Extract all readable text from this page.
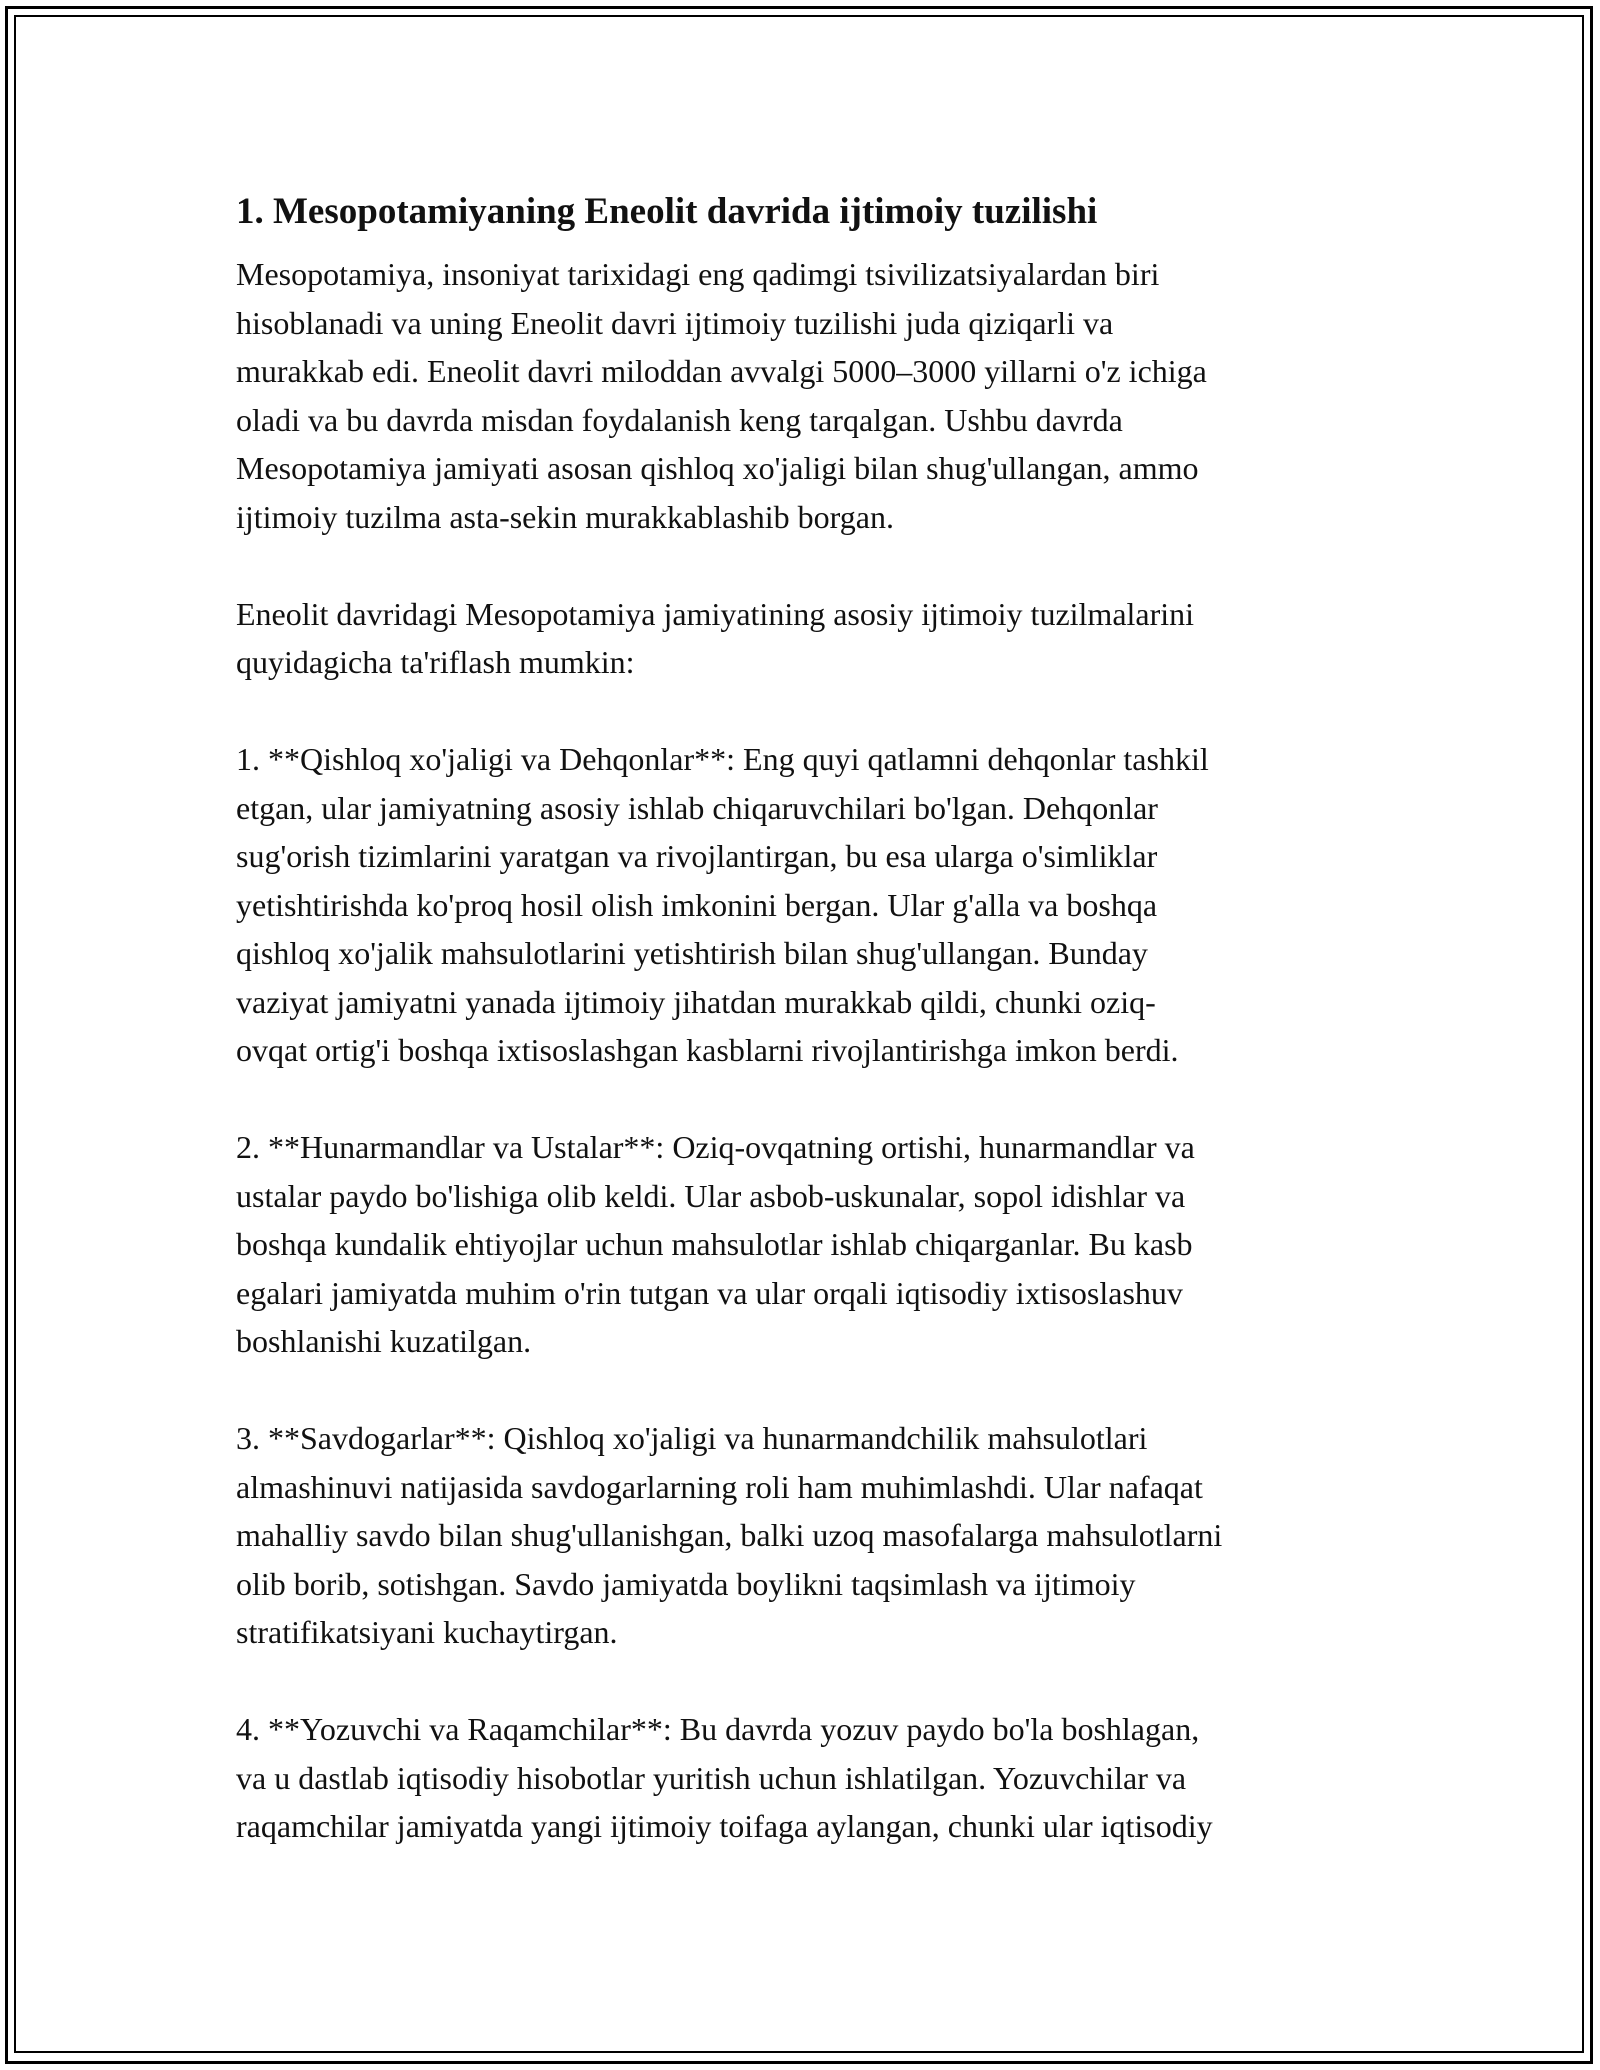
1. Mesopotamiyaning Eneolit davrida ijtimoiy tuzilishi
Mesopotamiya, insoniyat tarixidagi eng qadimgi tsivilizatsiyalardan biri
hisoblanadi va uning Eneolit davri ijtimoiy tuzilishi juda qiziqarli va
murakkab edi. Eneolit davri miloddan avvalgi 5000–3000 yillarni o'z ichiga
oladi va bu davrda misdan foydalanish keng tarqalgan. Ushbu davrda
Mesopotamiya jamiyati asosan qishloq xo'jaligi bilan shug'ullangan, ammo
ijtimoiy tuzilma asta-sekin murakkablashib borgan.
Eneolit davridagi Mesopotamiya jamiyatining asosiy ijtimoiy tuzilmalarini
quyidagicha ta'riflash mumkin:
1. **Qishloq xo'jaligi va Dehqonlar**: Eng quyi qatlamni dehqonlar tashkil
etgan, ular jamiyatning asosiy ishlab chiqaruvchilari bo'lgan. Dehqonlar
sug'orish tizimlarini yaratgan va rivojlantirgan, bu esa ularga o'simliklar
yetishtirishda ko'proq hosil olish imkonini bergan. Ular g'alla va boshqa
qishloq xo'jalik mahsulotlarini yetishtirish bilan shug'ullangan. Bunday
vaziyat jamiyatni yanada ijtimoiy jihatdan murakkab qildi, chunki oziq-
ovqat ortig'i boshqa ixtisoslashgan kasblarni rivojlantirishga imkon berdi.
2. **Hunarmandlar va Ustalar**: Oziq-ovqatning ortishi, hunarmandlar va
ustalar paydo bo'lishiga olib keldi. Ular asbob-uskunalar, sopol idishlar va
boshqa kundalik ehtiyojlar uchun mahsulotlar ishlab chiqarganlar. Bu kasb
egalari jamiyatda muhim o'rin tutgan va ular orqali iqtisodiy ixtisoslashuv
boshlanishi kuzatilgan.
3. **Savdogarlar**: Qishloq xo'jaligi va hunarmandchilik mahsulotlari
almashinuvi natijasida savdogarlarning roli ham muhimlashdi. Ular nafaqat
mahalliy savdo bilan shug'ullanishgan, balki uzoq masofalarga mahsulotlarni
olib borib, sotishgan. Savdo jamiyatda boylikni taqsimlash va ijtimoiy
stratifikatsiyani kuchaytirgan.
4. **Yozuvchi va Raqamchilar**: Bu davrda yozuv paydo bo'la boshlagan,
va u dastlab iqtisodiy hisobotlar yuritish uchun ishlatilgan. Yozuvchilar va
raqamchilar jamiyatda yangi ijtimoiy toifaga aylangan, chunki ular iqtisodiy
